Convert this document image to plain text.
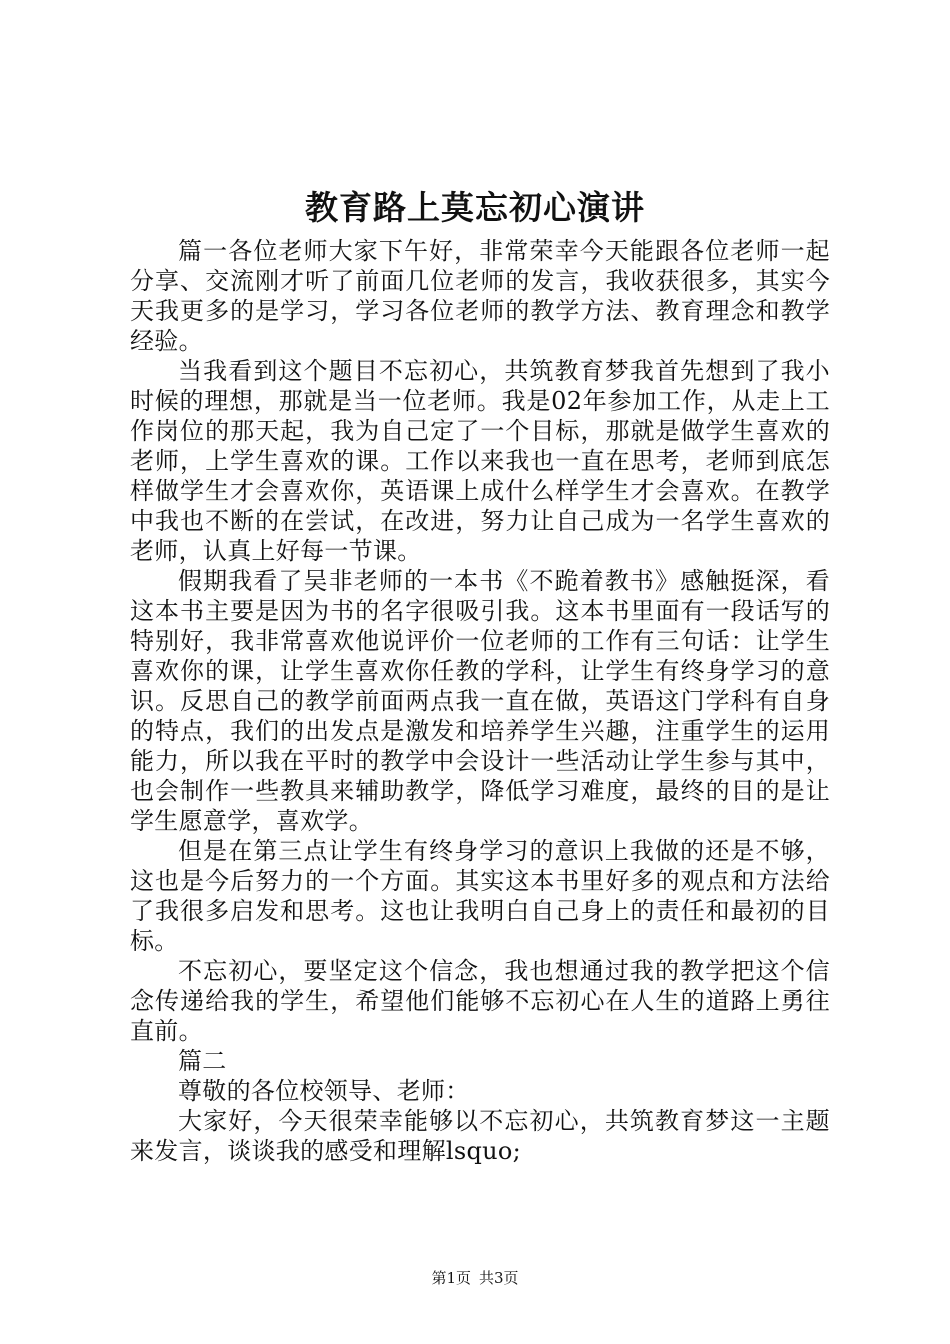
教育路上莫忘初心演讲

篇一各位老师大家下午好，非常荣幸今天能跟各位老师一起分享、交流刚才听了前面几位老师的发言，我收获很多，其实今天我更多的是学习，学习各位老师的教学方法、教育理念和教学经验。

当我看到这个题目不忘初心，共筑教育梦我首先想到了我小时候的理想，那就是当一位老师。我是02年参加工作，从走上工作岗位的那天起，我为自己定了一个目标，那就是做学生喜欢的老师，上学生喜欢的课。工作以来我也一直在思考，老师到底怎样做学生才会喜欢你，英语课上成什么样学生才会喜欢。在教学中我也不断的在尝试，在改进，努力让自己成为一名学生喜欢的老师，认真上好每一节课。

假期我看了吴非老师的一本书《不跪着教书》感触挺深，看这本书主要是因为书的名字很吸引我。这本书里面有一段话写的特别好，我非常喜欢他说评价一位老师的工作有三句话：让学生喜欢你的课，让学生喜欢你任教的学科，让学生有终身学习的意识。反思自己的教学前面两点我一直在做，英语这门学科有自身的特点，我们的出发点是激发和培养学生兴趣，注重学生的运用能力，所以我在平时的教学中会设计一些活动让学生参与其中，也会制作一些教具来辅助教学，降低学习难度，最终的目的是让学生愿意学，喜欢学。

但是在第三点让学生有终身学习的意识上我做的还是不够，这也是今后努力的一个方面。其实这本书里好多的观点和方法给了我很多启发和思考。这也让我明白自己身上的责任和最初的目标。

不忘初心，要坚定这个信念，我也想通过我的教学把这个信念传递给我的学生，希望他们能够不忘初心在人生的道路上勇往直前。

篇二

尊敬的各位校领导、老师：

大家好，今天很荣幸能够以不忘初心，共筑教育梦这一主题来发言，谈谈我的感受和理解lsquo;

第1页 共3页
